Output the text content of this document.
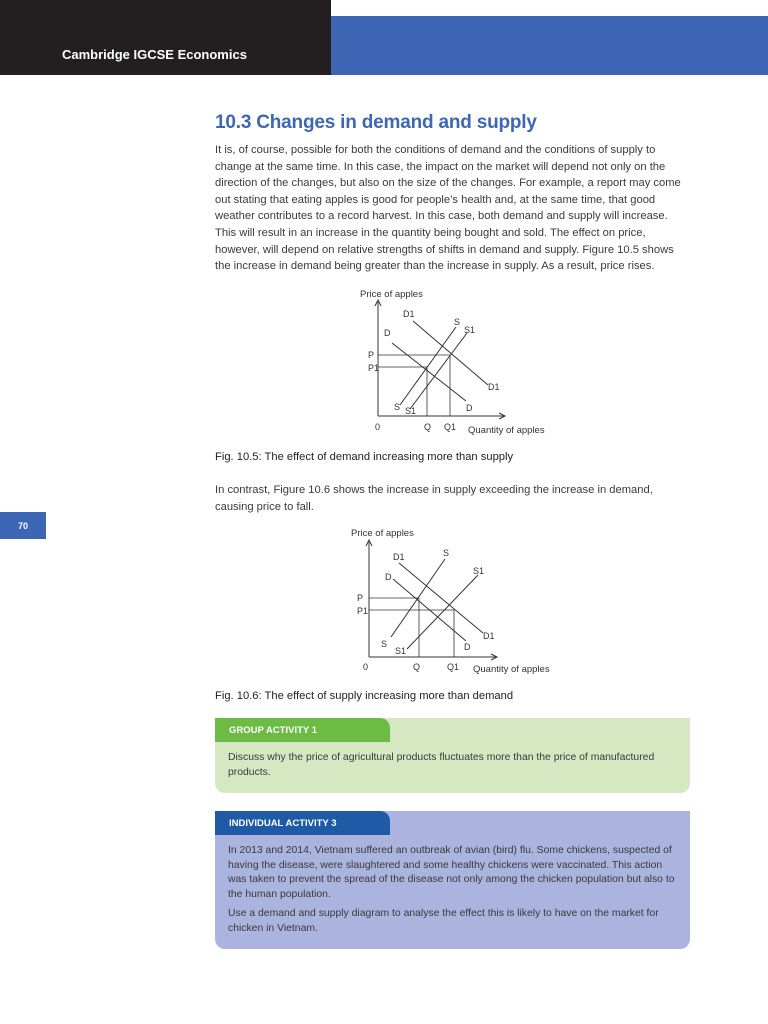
Cambridge IGCSE Economics
10.3 Changes in demand and supply

It is, of course, possible for both the conditions of demand and the conditions of supply to change at the same time. In this case, the impact on the market will depend not only on the direction of the changes, but also on the size of the changes. For example, a report may come out stating that eating apples is good for people’s health and, at the same time, that good weather contributes to a record harvest. In this case, both demand and supply will increase. This will result in an increase in the quantity being bought and sold. The effect on price, however, will depend on relative strengths of shifts in demand and supply. Figure 10.5 shows the increase in demand being greater than the increase in supply. As a result, price rises.

Price of apples
P
P1
0	Q Q1 Quantity of apples
D
D1
S
S1
D1
D
S S1
Fig. 10.5: The effect of demand increasing more than supply

In contrast, Figure 10.6 shows the increase in supply exceeding the increase in demand, causing price to fall.

Price of apples
P
P1
0	Q	Q1 Quantity of apples
D
D1	S
S1
D1
D
S
S1
Fig. 10.6: The effect of supply increasing more than demand
70
GROUP ACTIVITY 1

Discuss why the price of agricultural products fluctuates more than the price of manufactured products.

INDIVIDUAL ACTIVITY 3

In 2013 and 2014, Vietnam suffered an outbreak of avian (bird) flu. Some chickens, suspected of having the disease, were slaughtered and some healthy chickens were vaccinated. This action was taken to prevent the spread of the disease not only among the chicken population but also to the human population.

Use a demand and supply diagram to analyse the effect this is likely to have on the market for chicken in Vietnam.
